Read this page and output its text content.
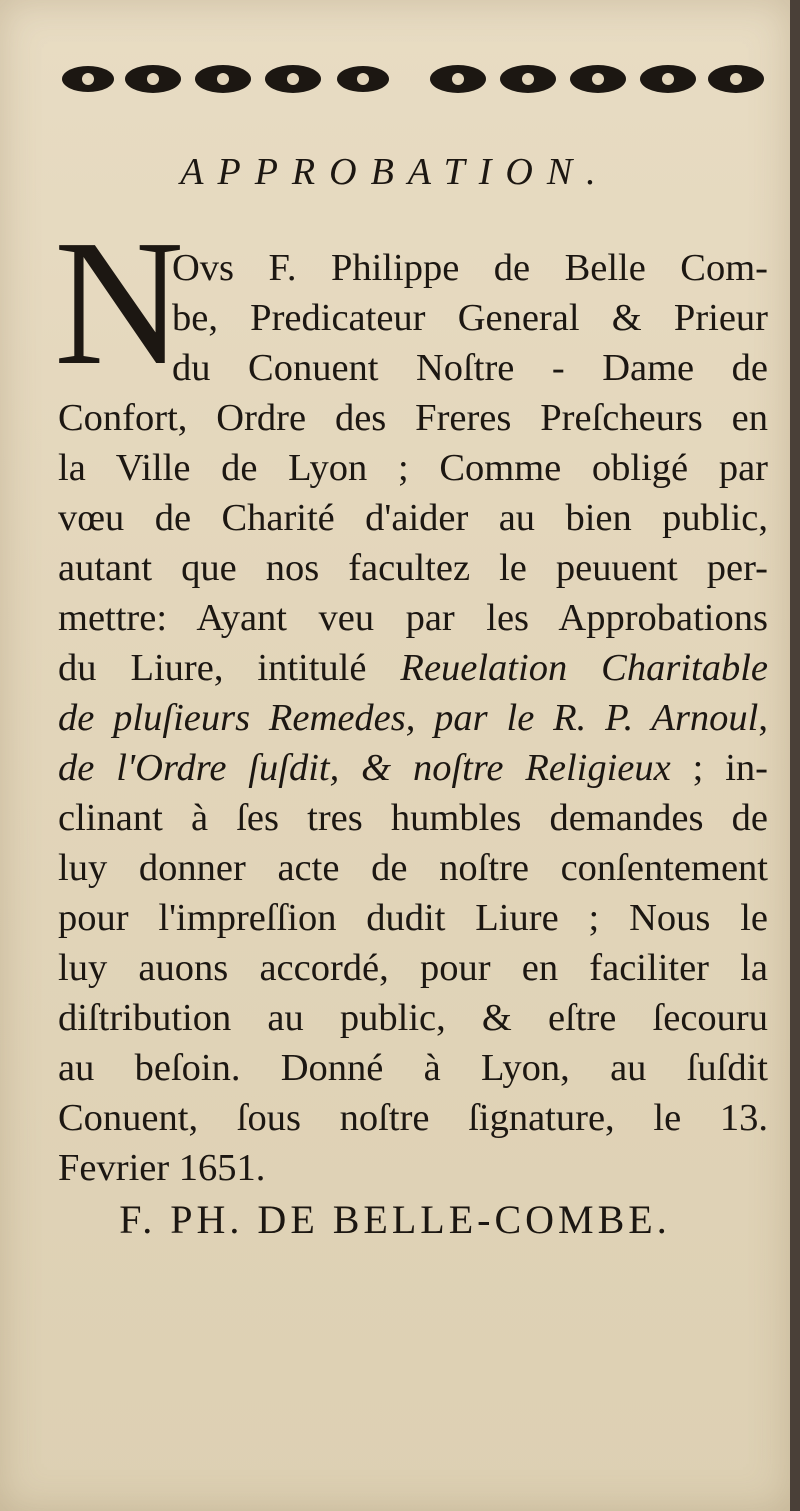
APPROBATION.
N
Ovs F. Philippe de Belle Com-
be, Predicateur General & Prieur
du Conuent Noſtre - Dame de
Confort, Ordre des Freres Preſcheurs en
la Ville de Lyon ; Comme obligé par
vœu de Charité d'aider au bien public,
autant que nos facultez le peuuent per-
mettre: Ayant veu par les Approbations
du Liure, intitulé Reuelation Charitable
de pluſieurs Remedes, par le R. P. Arnoul,
de l'Ordre ſuſdit, & noſtre Religieux ; in-
clinant à ſes tres humbles demandes de
luy donner acte de noſtre conſentement
pour l'impreſſion dudit Liure ; Nous le
luy auons accordé, pour en faciliter la
diſtribution au public, & eſtre ſecouru
au beſoin. Donné à Lyon, au ſuſdit
Conuent, ſous noſtre ſignature, le 13.
Fevrier 1651.
F. PH. DE BELLE-COMBE.
